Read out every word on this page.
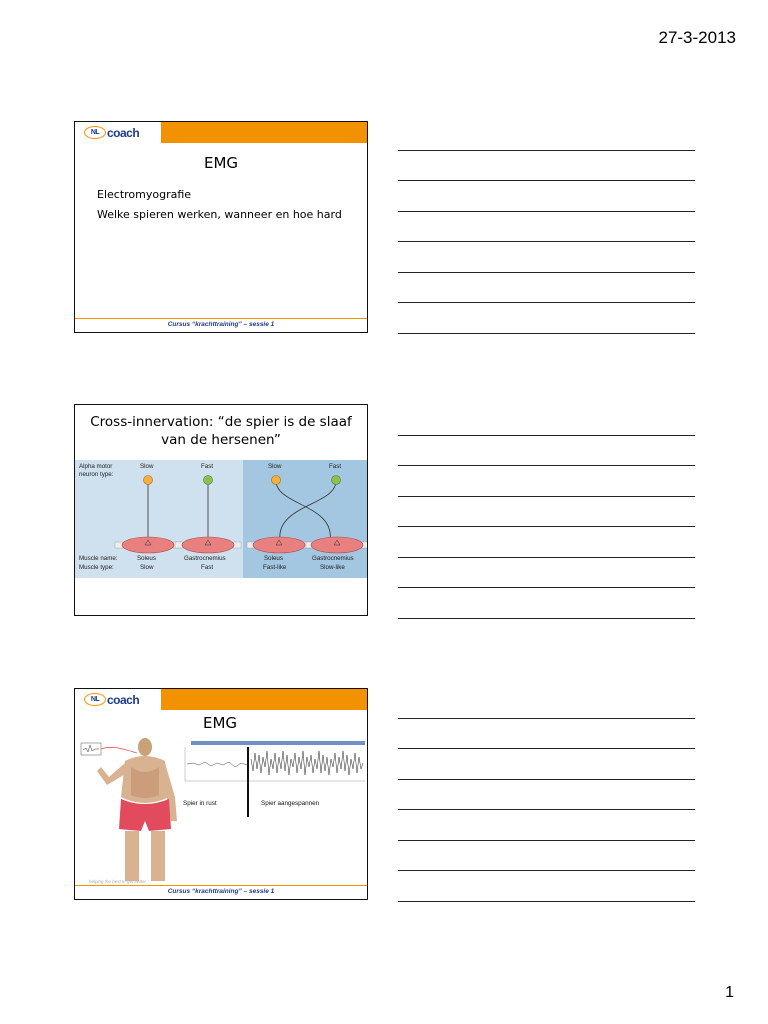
27-3-2013
NL coach
EMG
Electromyografie
Welke spieren werken, wanneer en hoe hard
Cursus “krachttraining” – sessie 1
Cross-innervation: “de spier is de slaaf
van de hersenen”
Alpha motor
neuron type:
Slow	Fast	Slow	Fast
Muscle name:
Muscle type:
Soleus	Gastrocnemius	Soleus	Gastrocnemius
Slow	Fast	Fast-like	Slow-like
NL coach
EMG
Spier in rust	Spier aangespannen
helping the best to get better
Cursus “krachttraining” – sessie 1
1
